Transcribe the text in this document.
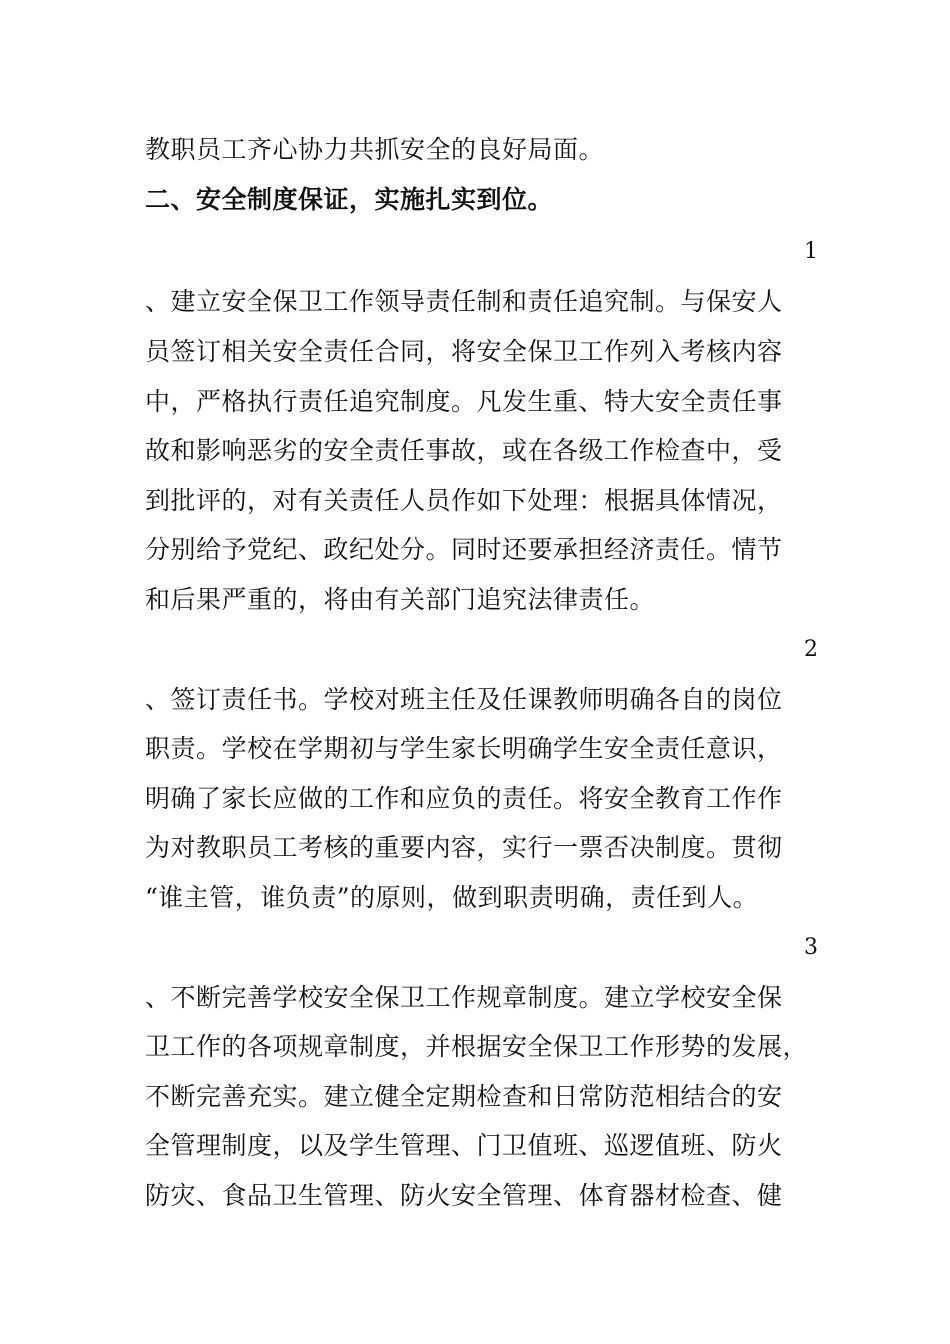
教职员工齐心协力共抓安全的良好局面。
二、安全制度保证，实施扎实到位。
1
、建立安全保卫工作领导责任制和责任追究制。与保安人
员签订相关安全责任合同，将安全保卫工作列入考核内容
中，严格执行责任追究制度。凡发生重、特大安全责任事
故和影响恶劣的安全责任事故，或在各级工作检查中，受
到批评的，对有关责任人员作如下处理：根据具体情况，
分别给予党纪、政纪处分。同时还要承担经济责任。情节
和后果严重的，将由有关部门追究法律责任。
2
、签订责任书。学校对班主任及任课教师明确各自的岗位
职责。学校在学期初与学生家长明确学生安全责任意识，
明确了家长应做的工作和应负的责任。将安全教育工作作
为对教职员工考核的重要内容，实行一票否决制度。贯彻
“谁主管，谁负责”的原则，做到职责明确，责任到人。
3
、不断完善学校安全保卫工作规章制度。建立学校安全保
卫工作的各项规章制度，并根据安全保卫工作形势的发展，
不断完善充实。建立健全定期检查和日常防范相结合的安
全管理制度，以及学生管理、门卫值班、巡逻值班、防火
防灾、食品卫生管理、防火安全管理、体育器材检查、健
